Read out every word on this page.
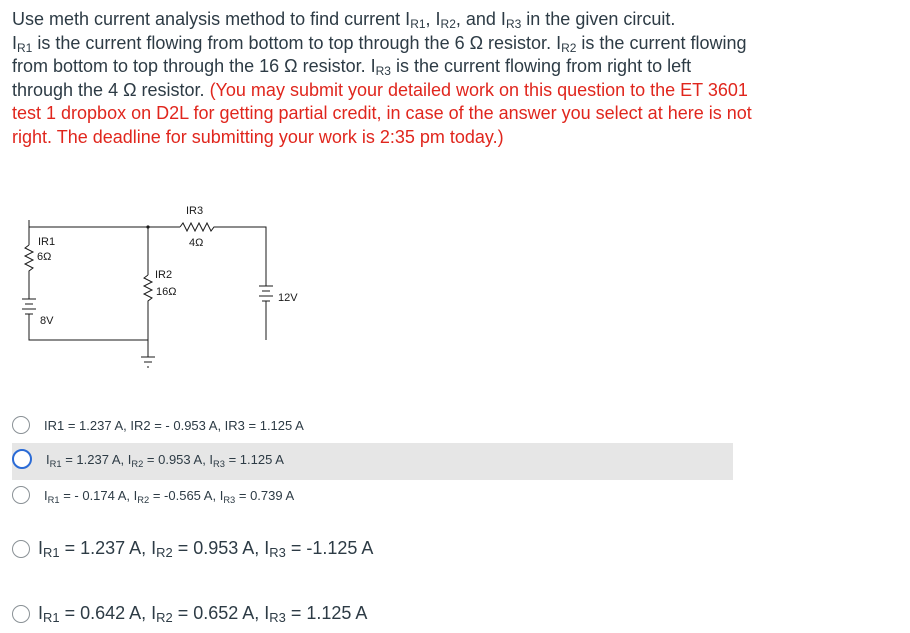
Use meth current analysis method to find current $I_{R1}$, $I_{R2}$, and $I_{R3}$ in the given circuit.
$I_{R1}$ is the current flowing from bottom to top through the 6 Ω resistor. $I_{R2}$ is the current flowing from bottom to top through the 16 Ω resistor. $I_{R3}$ is the current flowing from right to left through the 4 Ω resistor. (You may submit your detailed work on this question to the ET 3601 test 1 dropbox on D2L for getting partial credit, in case of the answer you select at here is not right. The deadline for submitting your work is 2:35 pm today.)
IR3
4Ω
IR1
6Ω
IR2
16Ω
8V
12V
IR1 = 1.237 A, IR2 = - 0.953 A, IR3 = 1.125 A
$I_{R1} = 1.237$ A, $I_{R2} = 0.953$ A, $I_{R3} = 1.125$ A
$I_{R1}$ = - 0.174 A, $I_{R2} = -0.565$ A, $I_{R3} = 0.739$ A
$I_{R1} = 1.237$ A, $I_{R2} = 0.953$ A, $I_{R3} = -1.125$ A
$I_{R1} = 0.642$ A, $I_{R2} = 0.652$ A, $I_{R3} = 1.125$ A
